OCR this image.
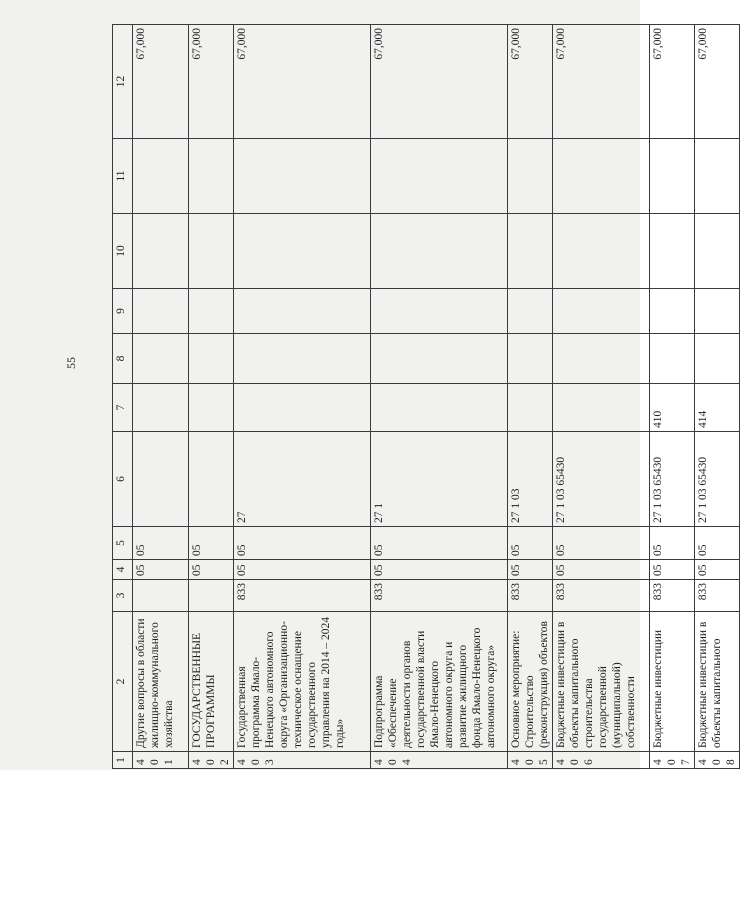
55
1	2	3	4	5	6	7	8	9	10	11	12
401	Другие вопросы в области жилищно-коммунального хозяйства		05	05							67,000
402	ГОСУДАРСТВЕННЫЕ ПРОГРАММЫ		05	05							67,000
403	Государственная программа Ямало-Ненецкого автономного округа «Организационно-техническое оснащение государственного управления на 2014 – 2024 годы»	833	05	05	27						67,000
404	Подпрограмма «Обеспечение деятельности органов государственной власти Ямало-Ненецкого автономного округа и развитие жилищного фонда Ямало-Ненецкого автономного округа»	833	05	05	27 1						67,000
405	Основное мероприятие: Строительство (реконструкция) объектов	833	05	05	27 1 03						67,000
406	Бюджетные инвестиции в объекты капитального строительства государственной (муниципальной) собственности	833	05	05	27 1 03 65430						67,000
407	Бюджетные инвестиции	833	05	05	27 1 03 65430	410					67,000
408	Бюджетные инвестиции в объекты капитального	833	05	05	27 1 03 65430	414					67,000
